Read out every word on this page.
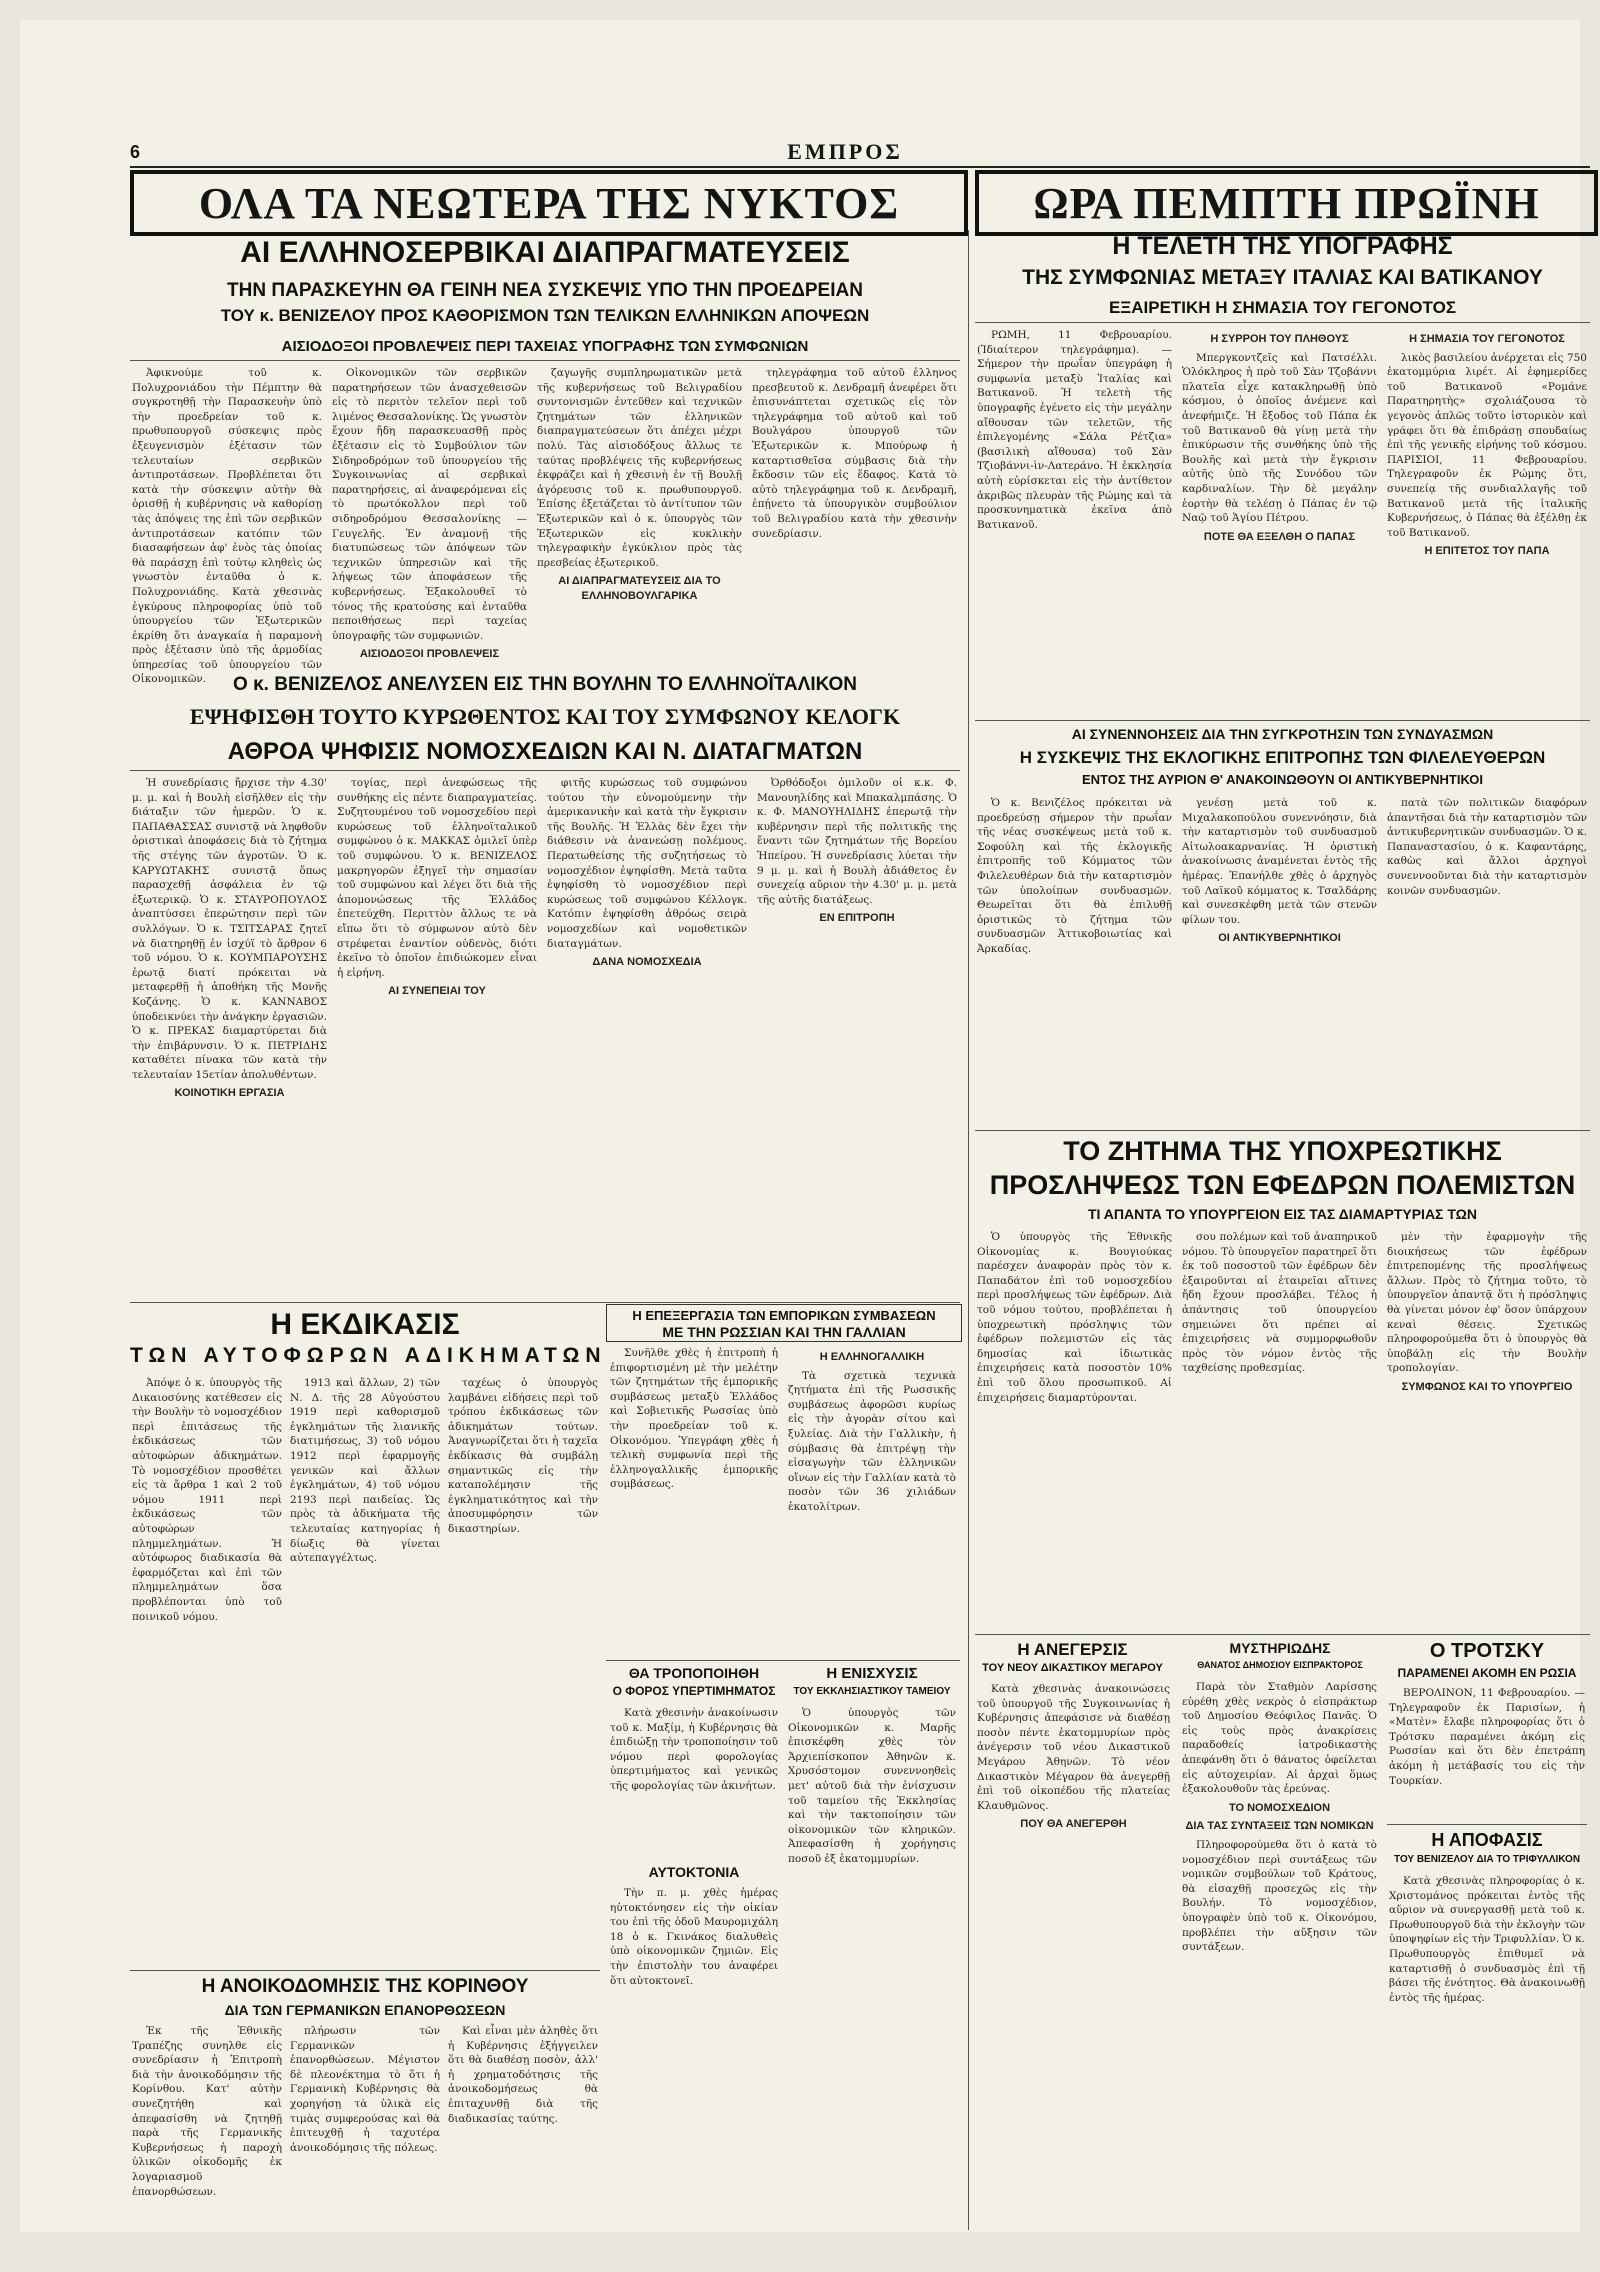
6	ΕΜΠΡΟΣ
ΟΛΑ ΤΑ ΝΕΩΤΕΡΑ ΤΗΣ ΝΥΚΤΟΣ	ΩΡΑ ΠΕΜΠΤΗ ΠΡΩΪΝΗ
ΑΙ ΕΛΛΗΝΟΣΕΡΒΙΚΑΙ ΔΙΑΠΡΑΓΜΑΤΕΥΣΕΙΣ
ΤΗΝ ΠΑΡΑΣΚΕΥΗΝ ΘΑ ΓΕΙΝΗ ΝΕΑ ΣΥΣΚΕΨΙΣ ΥΠΟ ΤΗΝ ΠΡΟΕΔΡΕΙΑΝ
ΤΟΥ κ. ΒΕΝΙΖΕΛΟΥ ΠΡΟΣ ΚΑΘΟΡΙΣΜΟΝ ΤΩΝ ΤΕΛΙΚΩΝ ΕΛΛΗΝΙΚΩΝ ΑΠΟΨΕΩΝ
ΑΙΣΙΟΔΟΞΟΙ ΠΡΟΒΛΕΨΕΙΣ ΠΕΡΙ ΤΑΧΕΙΑΣ ΥΠΟΓΡΑΦΗΣ ΤΩΝ ΣΥΜΦΩΝΙΩΝ

Ἀφικνούμε τοῦ κ. Πολυχρονιάδου τὴν Πέμπτην θὰ συγκροτηθῇ τὴν Παρασκευὴν ὑπὸ τὴν προεδρείαν τοῦ κ. πρωθυπουργοῦ σύσκεψις πρὸς ἐξευγενισμὸν ἐξέτασιν τῶν τελευταίων σερβικῶν ἀντιπροτάσεων. Προβλέπεται ὅτι κατὰ τὴν σύσκεψιν αὐτὴν θὰ ὁρισθῇ ἡ κυβέρνησις νὰ καθορίσῃ τὰς ἀπόψεις της ἐπὶ τῶν σερβικῶν ἀντιπροτάσεων κατόπιν τῶν διασαφήσεων ἀφ' ἑνὸς τὰς ὁποίας θὰ παράσχῃ ἐπὶ τούτῳ κληθεὶς ὡς γνωστὸν ἐνταῦθα ὁ κ. Πολυχρονιάδης. Κατὰ χθεσινὰς ἐγκύρους πληροφορίας ὑπὸ τοῦ ὑπουργείου τῶν Ἐξωτερικῶν ἐκρίθη ὅτι ἀναγκαία ἡ παραμονὴ πρὸς ἐξέτασιν ὑπὸ τῆς ἁρμοδίας ὑπηρεσίας τοῦ ὑπουργείου τῶν Οἰκονομικῶν.

Οἰκονομικῶν τῶν σερβικῶν παρατηρήσεων τῶν ἀνασχεθεισῶν εἰς τὸ περιτὸν τελεῖον περὶ τοῦ λιμένος Θεσσαλονίκης. Ὡς γνωστὸν ἔχουν ἤδη παρασκευασθῇ πρὸς ἐξέτασιν εἰς τὸ Συμβούλιον τῶν Σιδηροδρόμων τοῦ ὑπουργείου τῆς Συγκοινωνίας αἱ σερβικαὶ παρατηρήσεις, αἱ ἀναφερόμεναι εἰς τὸ πρωτόκολλον περὶ τοῦ σιδηροδρόμου Θεσσαλονίκης — Γευγελῆς. Ἐν ἀναμονῇ τῆς διατυπώσεως τῶν ἀπόψεων τῶν τεχνικῶν ὑπηρεσιῶν καὶ τῆς λήψεως τῶν ἀποφάσεων τῆς κυβερνήσεως. Ἐξακολουθεῖ τὸ τόνος τῆς κρατούσης καὶ ἐνταῦθα πεποιθήσεως περὶ ταχείας ὑπογραφῆς τῶν συμφωνιῶν.

ΑΙΣΙΟΔΟΞΟΙ ΠΡΟΒΛΕΨΕΙΣ

ζαγωγῆς συμπληρωματικῶν μετὰ τῆς κυβερνήσεως τοῦ Βελιγραδίου συντονισμῶν ἐντεῦθεν καὶ τεχνικῶν ζητημάτων τῶν ἑλληνικῶν διαπραγματεύσεων ὅτι ἀπέχει μέχρι πολύ. Τὰς αἰσιοδόξους ἄλλως τε ταύτας προβλέψεις τῆς κυβερνήσεως ἐκφράζει καὶ ἡ χθεσινὴ ἐν τῇ Βουλῇ ἀγόρευσις τοῦ κ. πρωθυπουργοῦ. Ἐπίσης ἐξετάζεται τὸ ἀντίτυπον τῶν Ἐξωτερικῶν καὶ ὁ κ. ὑπουργὸς τῶν Ἐξωτερικῶν εἰς κυκλικὴν τηλεγραφικὴν ἐγκύκλιον πρὸς τὰς πρεσβείας ἐξωτερικοῦ.

ΑΙ ΔΙΑΠΡΑΓΜΑΤΕΥΣΕΙΣ ΔΙΑ ΤΟ ΕΛΛΗΝΟΒΟΥΛΓΑΡΙΚΑ

τηλεγράφημα τοῦ αὐτοῦ ἑλληνος πρεσβευτοῦ κ. Δενδραμῆ ἀνεφέρει ὅτι ἐπισυνάπτεται σχετικῶς εἰς τὸν τηλεγράφημα τοῦ αὐτοῦ καὶ τοῦ Βουλγάρου ὑπουργοῦ τῶν Ἐξωτερικῶν κ. Μπούρωφ ἡ καταρτισθεῖσα σύμβασις διὰ τὴν ἔκδοσιν τῶν εἰς ἕδαφος. Κατὰ τὸ αὐτὸ τηλεγράφημα τοῦ κ. Δενδραμῆ, ἐπῄνετο τὰ ὑπουργικὸν συμβούλιον τοῦ Βελιγραδίου κατὰ τὴν χθεσινὴν συνεδρίασιν.

Η ΤΕΛΕΤΗ ΤΗΣ ΥΠΟΓΡΑΦΗΣ
ΤΗΣ ΣΥΜΦΩΝΙΑΣ ΜΕΤΑΞΥ ΙΤΑΛΙΑΣ ΚΑΙ ΒΑΤΙΚΑΝΟΥ
ΕΞΑΙΡΕΤΙΚΗ Η ΣΗΜΑΣΙΑ ΤΟΥ ΓΕΓΟΝΟΤΟΣ

ΡΩΜΗ, 11 Φεβρουαρίου. (Ἰδιαίτερον τηλεγράφημα). — Σήμερον τὴν πρωΐαν ὑπεγράφη ἡ συμφωνία μεταξὺ Ἰταλίας καὶ Βατικανοῦ. Ἡ τελετὴ τῆς ὑπογραφῆς ἐγένετο εἰς τὴν μεγάλην αἴθουσαν τῶν τελετῶν, τῆς ἐπιλεγομένης «Σάλα Ρέτζια» (βασιλικὴ αἴθουσα) τοῦ Σὰν Τζιοβάννι-ὶν-Λατεράνο. Ἡ ἐκκλησία αὐτὴ εὑρίσκεται εἰς τὴν ἀντίθετον ἀκριβῶς πλευρὰν τῆς Ρώμης καὶ τὰ προσκυνηματικὰ ἐκεῖνα ἀπὸ Βατικανοῦ.

Η ΣΥΡΡΟΗ ΤΟΥ ΠΛΗΘΟΥΣ

Μπεργκοντζεῖς καὶ Πατσέλλι. Ὁλόκληρος ἡ πρὸ τοῦ Σὰν Τζοβάννι πλατεῖα εἶχε κατακληρωθῇ ὑπὸ κόσμου, ὁ ὁποῖος ἀνέμενε καὶ ἀνεφήμιζε. Ἡ ἔξοδος τοῦ Πάπα ἐκ τοῦ Βατικανοῦ θὰ γίνῃ μετὰ τὴν ἐπικύρωσιν τῆς συνθήκης ὑπὸ τῆς Βουλῆς καὶ μετὰ τὴν ἔγκρισιν αὐτῆς ὑπὸ τῆς Συνόδου τῶν καρδιναλίων. Τὴν δὲ μεγάλην ἑορτὴν θὰ τελέσῃ ὁ Πάπας ἐν τῷ Ναῷ τοῦ Ἁγίου Πέτρου.

ΠΟΤΕ ΘΑ ΕΞΕΛΘΗ Ο ΠΑΠΑΣ

Η ΣΗΜΑΣΙΑ ΤΟΥ ΓΕΓΟΝΟΤΟΣ

λικὸς βασιλείου ἀνέρχεται εἰς 750 ἑκατομμύρια λιρέτ. Αἱ ἐφημερίδες τοῦ Βατικανοῦ «Ρομάνε Παρατηρητὴς» σχολιάζουσα τὸ γεγονὸς ἀπλῶς τοῦτο ἱστορικὸν καὶ γράφει ὅτι θὰ ἐπιδράσῃ σπουδαίως ἐπὶ τῆς γενικῆς εἰρήνης τοῦ κόσμου. ΠΑΡΙΣΙΟΙ, 11 Φεβρουαρίου. Τηλεγραφοῦν ἐκ Ρώμης ὅτι, συνεπείᾳ τῆς συνδιαλλαγῆς τοῦ Βατικανοῦ μετὰ τῆς ἰταλικῆς Κυβερνήσεως, ὁ Πάπας θὰ ἐξέλθῃ ἐκ τοῦ Βατικανοῦ.

Η ΕΠΙΤΕΤΟΣ ΤΟΥ ΠΑΠΑ

Ο κ. ΒΕΝΙΖΕΛΟΣ ΑΝΕΛΥΣΕΝ ΕΙΣ ΤΗΝ ΒΟΥΛΗΝ ΤΟ ΕΛΛΗΝΟΪΤΑΛΙΚΟΝ
ΕΨΗΦΙΣΘΗ ΤΟΥΤΟ ΚΥΡΩΘΕΝΤΟΣ ΚΑΙ ΤΟΥ ΣΥΜΦΩΝΟΥ ΚΕΛΟΓΚ
ΑΘΡΟΑ ΨΗΦΙΣΙΣ ΝΟΜΟΣΧΕΔΙΩΝ ΚΑΙ Ν. ΔΙΑΤΑΓΜΑΤΩΝ

Ἡ συνεδρίασις ἤρχισε τὴν 4.30' μ. μ. καὶ ἡ Βουλὴ εἰσῆλθεν εἰς τὴν διάταξιν τῶν ἡμερῶν. Ὁ κ. ΠΑΠΑΘΑΣΣΑΣ συνιστᾷ νὰ ληφθοῦν ὁριστικαὶ ἀποφάσεις διὰ τὸ ζήτημα τῆς στέγης τῶν ἀγροτῶν. Ὁ κ. ΚΑΡΥΩΤΑΚΗΣ συνιστᾷ ὅπως παρασχεθῇ ἀσφάλεια ἐν τῷ ἐξωτερικῷ. Ὁ κ. ΣΤΑΥΡΟΠΟΥΛΟΣ ἀναπτύσσει ἐπερώτησιν περὶ τῶν συλλόγων. Ὁ κ. ΤΣΙΤΣΑΡΑΣ ζητεῖ νὰ διατηρηθῇ ἐν ἰσχύϊ τὸ ἄρθρον 6 τοῦ νόμου. Ὁ κ. ΚΟΥΜΠΑΡΟΥΣΗΣ ἐρωτᾷ διατί πρόκειται νὰ μεταφερθῇ ἡ ἀποθήκη τῆς Μονῆς Κοζάνης. Ὁ κ. ΚΑΝΝΑΒΟΣ ὑποδεικνύει τὴν ἀνάγκην ἐργασιῶν. Ὁ κ. ΠΡΕΚΑΣ διαμαρτύρεται διὰ τὴν ἐπιβάρυνσιν. Ὁ κ. ΠΕΤΡΙΔΗΣ καταθέτει πίνακα τῶν κατὰ τὴν τελευταίαν 15ετίαν ἀπολυθέντων.

ΚΟΙΝΟΤΙΚΗ ΕΡΓΑΣΙΑ

τογίας, περὶ ἀνεφώσεως τῆς συνθήκης εἰς πέντε διαπραγματείας. Συζητουμένου τοῦ νομοσχεδίου περὶ κυρώσεως τοῦ ἑλληνοϊταλικοῦ συμφώνου ὁ κ. ΜΑΚΚΑΣ ὁμιλεῖ ὑπὲρ τοῦ συμφώνου. Ὁ κ. ΒΕΝΙΖΕΛΟΣ μακρηγορῶν ἐξηγεῖ τὴν σημασίαν τοῦ συμφώνου καὶ λέγει ὅτι διὰ τῆς ἀπομονώσεως τῆς Ἑλλάδος ἐπετεύχθη. Περιττὸν ἄλλως τε νὰ εἴπω ὅτι τὸ σύμφωνον αὐτὸ δὲν στρέφεται ἐναντίον οὐδενὸς, διότι ἐκεῖνο τὸ ὁποῖον ἐπιδιώκομεν εἶναι ἡ εἰρήνη.

ΑΙ ΣΥΝΕΠΕΙΑΙ ΤΟΥ

φιτῆς κυρώσεως τοῦ συμφώνου τούτου τὴν εὐνομούμενην τὴν ἀμερικανικὴν καὶ κατὰ τὴν ἔγκρισιν τῆς Βουλῆς. Ἡ Ἑλλὰς δὲν ἔχει τὴν διάθεσιν νὰ ἀνανεώσῃ πολέμους. Περατωθείσης τῆς συζητήσεως τὸ νομοσχέδιον ἐψηφίσθη. Μετὰ ταῦτα ἐψηφίσθη τὸ νομοσχέδιον περὶ κυρώσεως τοῦ συμφώνου Κέλλογκ. Κατόπιν ἐψηφίσθη ἀθρόως σειρὰ νομοσχεδίων καὶ νομοθετικῶν διαταγμάτων.

ΔΑΝΑ ΝΟΜΟΣΧΕΔΙΑ

Ὀρθόδοξοι ὁμιλοῦν οἱ κ.κ. Φ. Μανουηλίδης καὶ Μπακαλμπάσης. Ὁ κ. Φ. ΜΑΝΟΥΗΛΙΔΗΣ ἐπερωτᾷ τὴν κυβέρνησιν περὶ τῆς πολιτικῆς της ἔναντι τῶν ζητημάτων τῆς Βορείου Ἠπείρου. Ἡ συνεδρίασις λύεται τὴν 9 μ. μ. καὶ ἡ Βουλὴ ἀδιάθετος ἐν συνεχείᾳ αὔριον τὴν 4.30' μ. μ. μετὰ τῆς αὐτῆς διατάξεως.

ΕΝ ΕΠΙΤΡΟΠΗ

ΑΙ ΣΥΝΕΝΝΟΗΣΕΙΣ ΔΙΑ ΤΗΝ ΣΥΓΚΡΟΤΗΣΙΝ ΤΩΝ ΣΥΝΔΥΑΣΜΩΝ
Η ΣΥΣΚΕΨΙΣ ΤΗΣ ΕΚΛΟΓΙΚΗΣ ΕΠΙΤΡΟΠΗΣ ΤΩΝ ΦΙΛΕΛΕΥΘΕΡΩΝ
ΕΝΤΟΣ ΤΗΣ ΑΥΡΙΟΝ Θ' ΑΝΑΚΟΙΝΩΘΟΥΝ ΟΙ ΑΝΤΙΚΥΒΕΡΝΗΤΙΚΟΙ

Ὁ κ. Βενιζέλος πρόκειται νὰ προεδρεύσῃ σήμερον τὴν πρωΐαν τῆς νέας συσκέψεως μετὰ τοῦ κ. Σοφούλη καὶ τῆς ἐκλογικῆς ἐπιτροπῆς τοῦ Κόμματος τῶν Φιλελευθέρων διὰ τὴν καταρτισμὸν τῶν ὑπολοίπων συνδυασμῶν. Θεωρεῖται ὅτι θὰ ἐπιλυθῇ ὁριστικῶς τὸ ζήτημα τῶν συνδυασμῶν Ἀττικοβοιωτίας καὶ Ἀρκαδίας.

γενέσῃ μετὰ τοῦ κ. Μιχαλακοπούλου συνεννόησιν, διὰ τὴν καταρτισμὸν τοῦ συνδυασμοῦ Αἰτωλοακαρνανίας. Ἡ ὁριστικὴ ἀνακοίνωσις ἀναμένεται ἐντὸς τῆς ἡμέρας. Ἐπανήλθε χθὲς ὁ ἀρχηγὸς τοῦ Λαϊκοῦ κόμματος κ. Τσαλδάρης καὶ συνεσκέφθη μετὰ τῶν στενῶν φίλων του.

ΟΙ ΑΝΤΙΚΥΒΕΡΝΗΤΙΚΟΙ

πατὰ τῶν πολιτικῶν διαφόρων ἀπαντῆσαι διὰ τὴν καταρτισμὸν τῶν ἀντικυβερνητικῶν συνδυασμῶν. Ὁ κ. Παπαναστασίου, ὁ κ. Καφαντάρης, καθὼς καὶ ἄλλοι ἀρχηγοὶ συνεννοοῦνται διὰ τὴν καταρτισμὸν κοινῶν συνδυασμῶν.

ΤΟ ΖΗΤΗΜΑ ΤΗΣ ΥΠΟΧΡΕΩΤΙΚΗΣ
ΠΡΟΣΛΗΨΕΩΣ ΤΩΝ ΕΦΕΔΡΩΝ ΠΟΛΕΜΙΣΤΩΝ
ΤΙ ΑΠΑΝΤΑ ΤΟ ΥΠΟΥΡΓΕΙΟΝ ΕΙΣ ΤΑΣ ΔΙΑΜΑΡΤΥΡΙΑΣ ΤΩΝ

Ὁ ὑπουργὸς τῆς Ἐθνικῆς Οἰκονομίας κ. Βουγιούκας παρέσχεν ἀναφορὰν πρὸς τὸν κ. Παπαδάτον ἐπὶ τοῦ νομοσχεδίου περὶ προσλήψεως τῶν ἐφέδρων. Διὰ τοῦ νόμου τούτου, προβλέπεται ἡ ὑποχρεωτικὴ πρόσληψις τῶν ἐφέδρων πολεμιστῶν εἰς τὰς δημοσίας καὶ ἰδιωτικὰς ἐπιχειρήσεις κατὰ ποσοστὸν 10% ἐπὶ τοῦ ὅλου προσωπικοῦ. Αἱ ἐπιχειρήσεις διαμαρτύρονται.

σου πολέμων καὶ τοῦ ἀναπηρικοῦ νόμου. Τὸ ὑπουργεῖον παρατηρεῖ ὅτι ἐκ τοῦ ποσοστοῦ τῶν ἐφέδρων δὲν ἐξαιροῦνται αἱ ἑταιρεῖαι αἵτινες ἤδη ἔχουν προσλάβει. Τέλος ἡ ἀπάντησις τοῦ ὑπουργείου σημειώνει ὅτι πρέπει αἱ ἐπιχειρήσεις νὰ συμμορφωθοῦν πρὸς τὸν νόμον ἐντὸς τῆς ταχθείσης προθεσμίας.

μὲν τὴν ἐφαρμογὴν τῆς διοικήσεως τῶν ἐφέδρων ἐπιτρεπομένης τῆς προσλήψεως ἄλλων. Πρὸς τὸ ζήτημα τοῦτο, τὸ ὑπουργεῖον ἀπαντᾷ ὅτι ἡ πρόσληψις θὰ γίνεται μόνον ἐφ' ὅσον ὑπάρχουν κεναὶ θέσεις. Σχετικῶς πληροφορούμεθα ὅτι ὁ ὑπουργὸς θὰ ὑποβάλῃ εἰς τὴν Βουλὴν τροπολογίαν.

ΣΥΜΦΩΝΟΣ ΚΑΙ ΤΟ ΥΠΟΥΡΓΕΙΟ

Η ΕΚΔΙΚΑΣΙΣ
ΤΩΝ ΑΥΤΟΦΩΡΩΝ ΑΔΙΚΗΜΑΤΩΝ

Ἀπόψε ὁ κ. ὑπουργὸς τῆς Δικαιοσύνης κατέθεσεν εἰς τὴν Βουλὴν τὸ νομοσχέδιον περὶ ἐπιτάσεως τῆς ἐκδικάσεως τῶν αὐτοφώρων ἀδικημάτων. Τὸ νομοσχέδιον προσθέτει εἰς τὰ ἄρθρα 1 καὶ 2 τοῦ νόμου 1911 περὶ ἐκδικάσεως τῶν αὐτοφώρων πλημμελημάτων. Ἡ αὐτόφωρος διαδικασία θὰ ἐφαρμόζεται καὶ ἐπὶ τῶν πλημμελημάτων ὅσα προβλέπονται ὑπὸ τοῦ ποινικοῦ νόμου.

1913 καὶ ἄλλων, 2) τῶν Ν. Δ. τῆς 28 Αὐγούστου 1919 περὶ καθορισμοῦ ἐγκλημάτων τῆς λιανικῆς διατιμήσεως, 3) τοῦ νόμου 1912 περὶ ἐφαρμογῆς γενικῶν καὶ ἄλλων ἐγκλημάτων, 4) τοῦ νόμου 2193 περὶ παιδείας. Ὡς πρὸς τὰ ἀδικήματα τῆς τελευταίας κατηγορίας ἡ δίωξις θὰ γίνεται αὐτεπαγγέλτως.

ταχέως ὁ ὑπουργὸς λαμβάνει εἰδήσεις περὶ τοῦ τρόπου ἐκδικάσεως τῶν ἀδικημάτων τούτων. Ἀναγνωρίζεται ὅτι ἡ ταχεῖα ἐκδίκασις θὰ συμβάλῃ σημαντικῶς εἰς τὴν καταπολέμησιν τῆς ἐγκληματικότητος καὶ τὴν ἀποσυμφόρησιν τῶν δικαστηρίων.

Η ΑΝΟΙΚΟΔΟΜΗΣΙΣ ΤΗΣ ΚΟΡΙΝΘΟΥ
ΔΙΑ ΤΩΝ ΓΕΡΜΑΝΙΚΩΝ ΕΠΑΝΟΡΘΩΣΕΩΝ

Ἐκ τῆς Ἐθνικῆς Τραπέζης συνηλθε εἰς συνεδρίασιν ἡ Ἐπιτροπὴ διὰ τὴν ἀνοικοδόμησιν τῆς Κορίνθου. Κατ' αὐτὴν συνεζητήθη καὶ ἀπεφασίσθη νὰ ζητηθῇ παρὰ τῆς Γερμανικῆς Κυβερνήσεως ἡ παροχὴ ὑλικῶν οἰκοδομῆς ἐκ λογαριασμοῦ ἐπανορθώσεων.

πλήρωσιν τῶν Γερμανικῶν ἐπανορθώσεων. Μέγιστον δὲ πλεονέκτημα τὸ ὅτι ἡ Γερμανικὴ Κυβέρνησις θὰ χορηγήσῃ τὰ ὑλικὰ εἰς τιμὰς συμφερούσας καὶ θὰ ἐπιτευχθῇ ἡ ταχυτέρα ἀνοικοδόμησις τῆς πόλεως.

Καὶ εἶναι μὲν ἀληθὲς ὅτι ἡ Κυβέρνησις ἐξήγγειλεν ὅτι θὰ διαθέσῃ ποσὸν, ἀλλ' ἡ χρηματοδότησις τῆς ἀνοικοδομήσεως θὰ ἐπιταχυνθῇ διὰ τῆς διαδικασίας ταύτης.

Η ΕΠΕΞΕΡΓΑΣΙΑ ΤΩΝ ΕΜΠΟΡΙΚΩΝ ΣΥΜΒΑΣΕΩΝ
ΜΕ ΤΗΝ ΡΩΣΣΙΑΝ ΚΑΙ ΤΗΝ ΓΑΛΛΙΑΝ

Συνῆλθε χθὲς ἡ ἐπιτροπὴ ἡ ἐπιφορτισμένη μὲ τὴν μελέτην τῶν ζητημάτων τῆς ἐμπορικῆς συμβάσεως μεταξὺ Ἑλλάδος καὶ Σοβιετικῆς Ρωσσίας ὑπὸ τὴν προεδρείαν τοῦ κ. Οἰκονόμου. Ὑπεγράφη χθὲς ἡ τελικὴ συμφωνία περὶ τῆς ἐλληνογαλλικῆς ἐμπορικῆς συμβάσεως.

Η ΕΛΛΗΝΟΓΑΛΛΙΚΗ

Τὰ σχετικὰ τεχνικὰ ζητήματα ἐπὶ τῆς Ρωσσικῆς συμβάσεως ἀφορῶσι κυρίως εἰς τὴν ἀγορὰν σίτου καὶ ξυλείας. Διὰ τὴν Γαλλικὴν, ἡ σύμβασις θὰ ἐπιτρέψῃ τὴν εἰσαγωγὴν τῶν ἑλληνικῶν οἴνων εἰς τὴν Γαλλίαν κατὰ τὸ ποσὸν τῶν 36 χιλιάδων ἑκατολίτρων.

ΘΑ ΤΡΟΠΟΠΟΙΗΘΗ
Ο ΦΟΡΟΣ ΥΠΕΡΤΙΜΗΜΑΤΟΣ

Κατὰ χθεσινὴν ἀνακοίνωσιν τοῦ κ. Μαξίμ, ἡ Κυβέρνησις θὰ ἐπιδιώξῃ τὴν τροποποίησιν τοῦ νόμου περὶ φορολογίας ὑπερτιμήματος καὶ γενικῶς τῆς φορολογίας τῶν ἀκινήτων.

ΑΥΤΟΚΤΟΝΙΑ

Τὴν π. μ. χθὲς ἡμέρας ηὐτοκτόνησεν εἰς τὴν οἰκίαν του ἐπὶ τῆς ὁδοῦ Μαυρομιχάλη 18 ὁ κ. Γκινάκος διαλυθεὶς ὑπὸ οἰκονομικῶν ζημιῶν. Εἰς τὴν ἐπιστολὴν του ἀναφέρει ὅτι αὐτοκτονεῖ.

Η ΕΝΙΣΧΥΣΙΣ
ΤΟΥ ΕΚΚΛΗΣΙΑΣΤΙΚΟΥ ΤΑΜΕΙΟΥ

Ὁ ὑπουργὸς τῶν Οἰκονομικῶν κ. Μαρῆς ἐπισκέφθη χθὲς τὸν Ἀρχιεπίσκοπον Ἀθηνῶν κ. Χρυσόστομον συνεννοηθεὶς μετ' αὐτοῦ διὰ τὴν ἐνίσχυσιν τοῦ ταμείου τῆς Ἐκκλησίας καὶ τὴν τακτοποίησιν τῶν οἰκονομικῶν τῶν κληρικῶν. Ἀπεφασίσθη ἡ χορήγησις ποσοῦ ἐξ ἑκατομμυρίων.

Η ΑΝΕΓΕΡΣΙΣ
ΤΟΥ ΝΕΟΥ ΔΙΚΑΣΤΙΚΟΥ ΜΕΓΑΡΟΥ

Κατὰ χθεσινὰς ἀνακοινώσεις τοῦ ὑπουργοῦ τῆς Συγκοινωνίας ἡ Κυβέρνησις ἀπεφάσισε νὰ διαθέσῃ ποσὸν πέντε ἑκατομμυρίων πρὸς ἀνέγερσιν τοῦ νέου Δικαστικοῦ Μεγάρου Ἀθηνῶν. Τὸ νέον Δικαστικὸν Μέγαρον θὰ ἀνεγερθῇ ἐπὶ τοῦ οἰκοπέδου τῆς πλατείας Κλαυθμῶνος.

ΠΟΥ ΘΑ ΑΝΕΓΕΡΘΗ

ΜΥΣΤΗΡΙΩΔΗΣ
ΘΑΝΑΤΟΣ ΔΗΜΟΣΙΟΥ ΕΙΣΠΡΑΚΤΟΡΟΣ

Παρὰ τὸν Σταθμὸν Λαρίσσης εὑρέθη χθὲς νεκρὸς ὁ εἰσπράκτωρ τοῦ Δημοσίου Θεόφιλος Πανᾶς. Ὁ εἰς τοὺς πρὸς ἀνακρίσεις παραδοθείς ἰατροδικαστὴς ἀπεφάνθη ὅτι ὁ θάνατος ὀφείλεται εἰς αὐτοχειρίαν. Αἱ ἀρχαὶ ὅμως ἐξακολουθοῦν τὰς ἐρεύνας.

ΤΟ ΝΟΜΟΣΧΕΔΙΟΝ

ΔΙΑ ΤΑΣ ΣΥΝΤΑΞΕΙΣ ΤΩΝ ΝΟΜΙΚΩΝ

Πληροφορούμεθα ὅτι ὁ κατὰ τὸ νομοσχέδιον περὶ συντάξεως τῶν νομικῶν συμβούλων τοῦ Κράτους, θὰ εἰσαχθῇ προσεχῶς εἰς τὴν Βουλήν. Τὸ νομοσχέδιον, ὑπογραφὲν ὑπὸ τοῦ κ. Οἰκονόμου, προβλέπει τὴν αὔξησιν τῶν συντάξεων.

Ο ΤΡΟΤΣΚΥ
ΠΑΡΑΜΕΝΕΙ ΑΚΟΜΗ ΕΝ ΡΩΣΙΑ

ΒΕΡΟΛΙΝΟΝ, 11 Φεβρουαρίου. — Τηλεγραφοῦν ἐκ Παρισίων, ἡ «Ματὲν» ἔλαβε πληροφορίας ὅτι ὁ Τρότσκυ παραμένει ἀκόμη εἰς Ρωσσίαν καὶ ὅτι δὲν ἐπετράπη ἀκόμη ἡ μετάβασίς του εἰς τὴν Τουρκίαν.

Η ΑΠΟΦΑΣΙΣ
ΤΟΥ ΒΕΝΙΖΕΛΟΥ ΔΙΑ ΤΟ ΤΡΙΦΥΛΛΙΚΟΝ

Κατὰ χθεσινὰς πληροφορίας ὁ κ. Χριστομάνος πρόκειται ἐντὸς τῆς αὔριον νὰ συνεργασθῇ μετὰ τοῦ κ. Πρωθυπουργοῦ διὰ τὴν ἐκλογὴν τῶν ὑποψηφίων εἰς τὴν Τριφυλλίαν. Ὁ κ. Πρωθυπουργὸς ἐπιθυμεῖ νὰ καταρτισθῇ ὁ συνδυασμὸς ἐπὶ τῇ βάσει τῆς ἐνότητος. Θὰ ἀνακοινωθῇ ἐντὸς τῆς ἡμέρας.
